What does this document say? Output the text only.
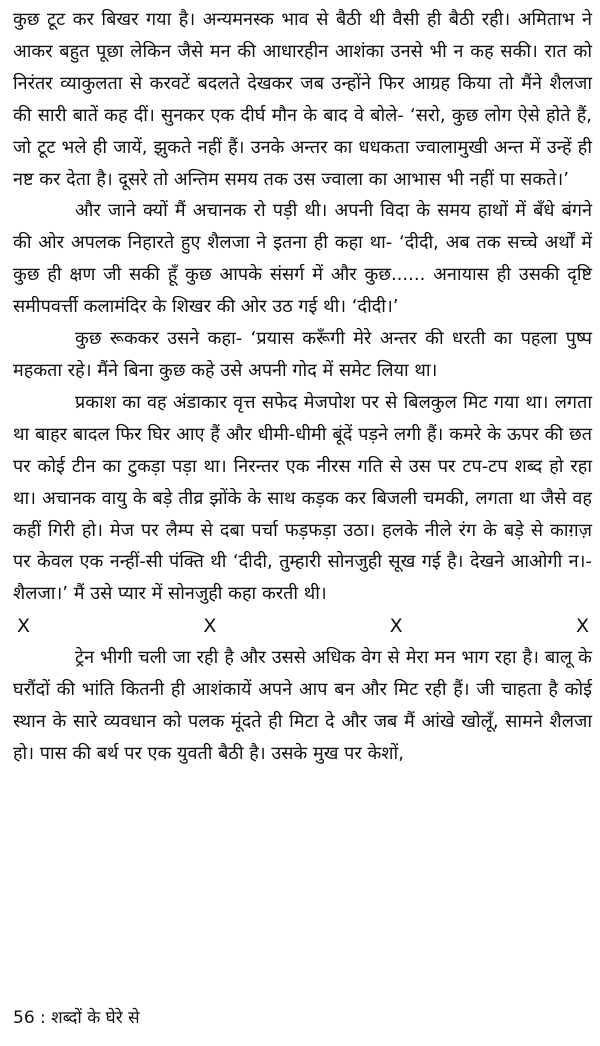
कुछ टूट कर बिखर गया है। अन्यमनस्क भाव से बैठी थी वैसी ही बैठी रही। अमिताभ ने आकर बहुत पूछा लेकिन जैसे मन की आधारहीन आशंका उनसे भी न कह सकी। रात को निरंतर व्याकुलता से करवटें बदलते देखकर जब उन्होंने फिर आग्रह किया तो मैंने शैलजा की सारी बातें कह दीं। सुनकर एक दीर्घ मौन के बाद वे बोले- ‘सरो, कुछ लोग ऐसे होते हैं, जो टूट भले ही जायें, झुकते नहीं हैं। उनके अन्तर का धधकता ज्वालामुखी अन्त में उन्हें ही नष्ट कर देता है। दूसरे तो अन्तिम समय तक उस ज्वाला का आभास भी नहीं पा सकते।’

और जाने क्यों मैं अचानक रो पड़ी थी। अपनी विदा के समय हाथों में बँधे बंगने की ओर अपलक निहारते हुए शैलजा ने इतना ही कहा था- ‘दीदी, अब तक सच्चे अर्थों में कुछ ही क्षण जी सकी हूँ कुछ आपके संसर्ग में और कुछ...... अनायास ही उसकी दृष्टि समीपवर्त्ती कलामंदिर के शिखर की ओर उठ गई थी। ‘दीदी।’

कुछ रूककर उसने कहा- ‘प्रयास करूँगी मेरे अन्तर की धरती का पहला पुष्प महकता रहे। मैंने बिना कुछ कहे उसे अपनी गोद में समेट लिया था।

प्रकाश का वह अंडाकार वृत्त सफेद मेजपोश पर से बिलकुल मिट गया था। लगता था बाहर बादल फिर घिर आए हैं और धीमी-धीमी बूंदें पड़ने लगी हैं। कमरे के ऊपर की छत पर कोई टीन का टुकड़ा पड़ा था। निरन्तर एक नीरस गति से उस पर टप-टप शब्द हो रहा था। अचानक वायु के बड़े तीव्र झोंके के साथ कड़क कर बिजली चमकी, लगता था जैसे वह कहीं गिरी हो। मेज पर लैम्प से दबा पर्चा फड़फड़ा उठा। हलके नीले रंग के बड़े से काग़ज़ पर केवल एक नन्हीं-सी पंक्ति थी ‘दीदी, तुम्हारी सोनजुही सूख गई है। देखने आओगी न।- शैलजा।’ मैं उसे प्यार में सोनजुही कहा करती थी।

X	X	X	X

ट्रेन भीगी चली जा रही है और उससे अधिक वेग से मेरा मन भाग रहा है। बालू के घरौंदों की भांति कितनी ही आशंकायें अपने आप बन और मिट रही हैं। जी चाहता है कोई स्थान के सारे व्यवधान को पलक मूंदते ही मिटा दे और जब मैं आंखे खोलूँ, सामने शैलजा हो। पास की बर्थ पर एक युवती बैठी है। उसके मुख पर केशों,

56 : शब्दों के घेरे से
